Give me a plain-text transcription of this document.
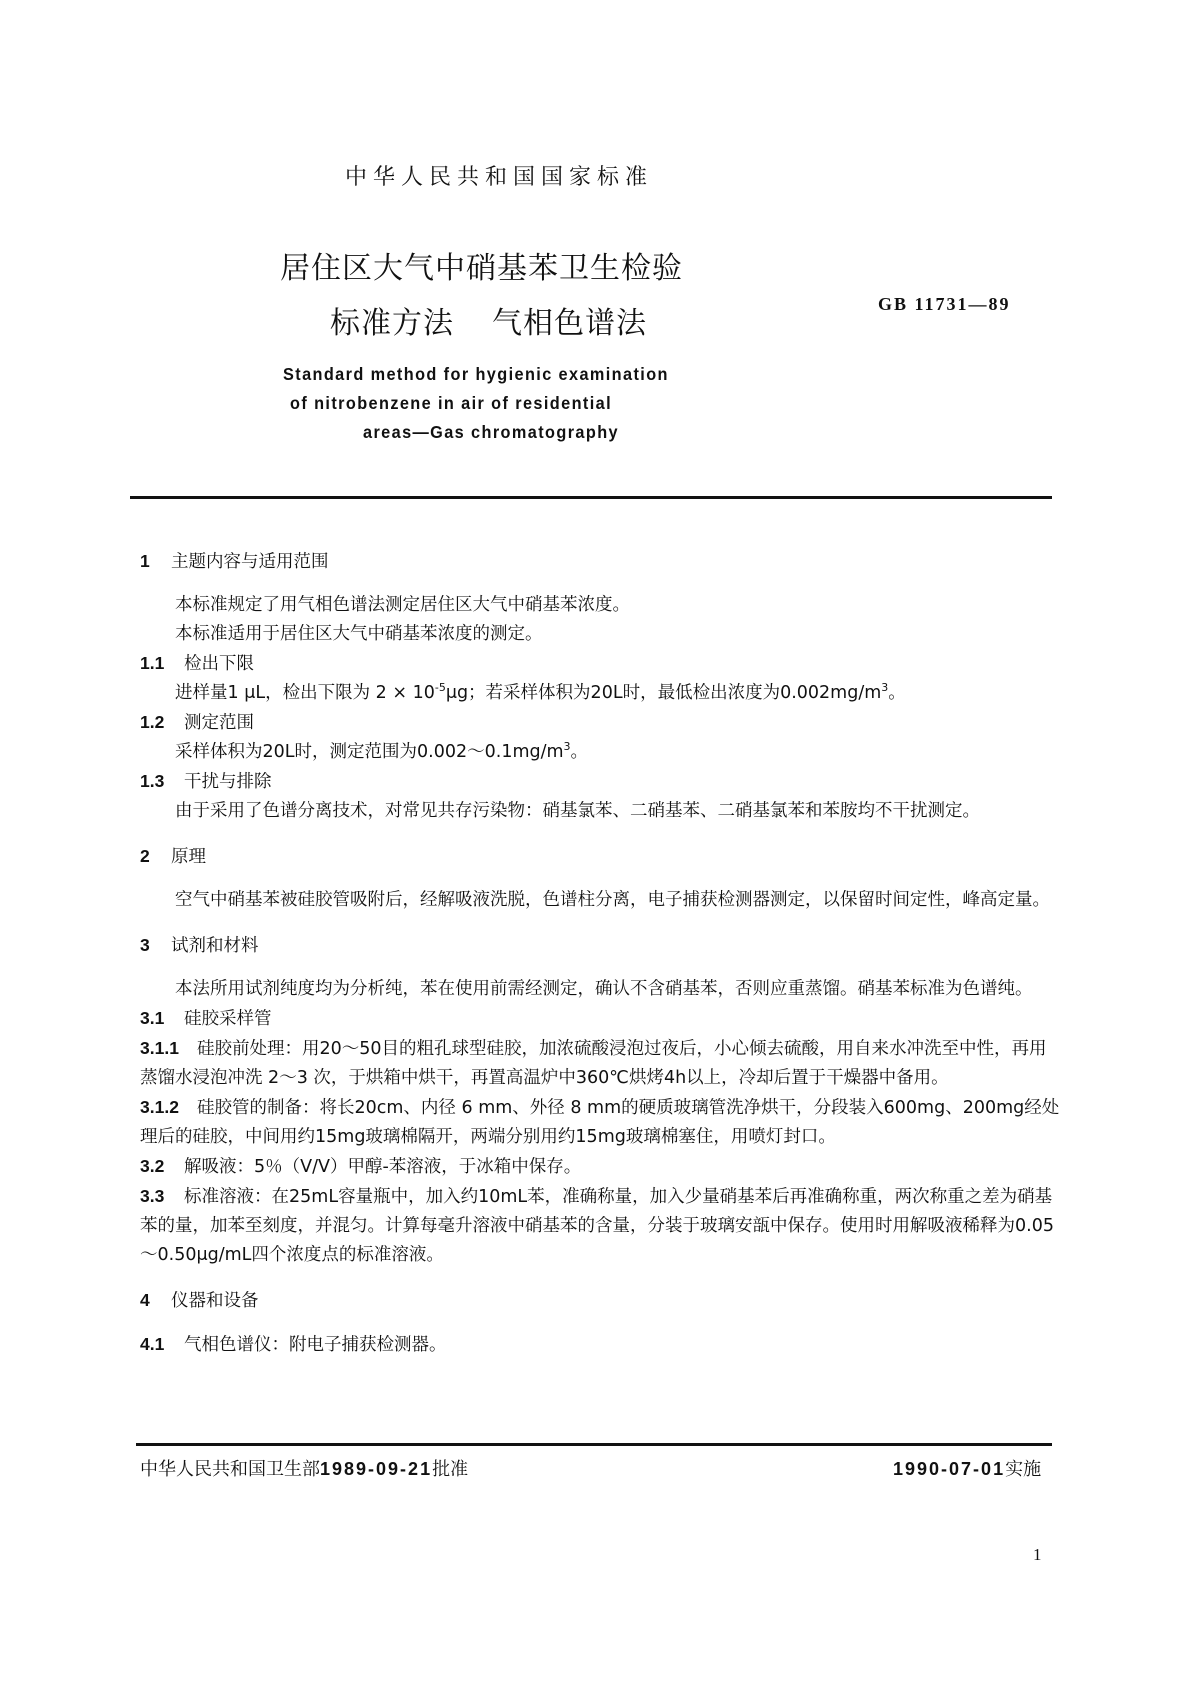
中华人民共和国国家标准
居住区大气中硝基苯卫生检验
标准方法 气相色谱法
GB 11731—89
Standard method for hygienic examination
of nitrobenzene in air of residential
areas—Gas chromatography
1 主题内容与适用范围
本标准规定了用气相色谱法测定居住区大气中硝基苯浓度。
本标准适用于居住区大气中硝基苯浓度的测定。
1.1 检出下限
进样量1 μL，检出下限为 $2 \times 10^{-5}\mu g$；若采样体积为20L时，最低检出浓度为$0.002mg/m^3$。
1.2 测定范围
采样体积为20L时，测定范围为$0.002\sim 0.1mg/m^3$。
1.3 干扰与排除
由于采用了色谱分离技术，对常见共存污染物：硝基氯苯、二硝基苯、二硝基氯苯和苯胺均不干扰测定。
2 原理
空气中硝基苯被硅胶管吸附后，经解吸液洗脱，色谱柱分离，电子捕获检测器测定，以保留时间定性，峰高定量。
3 试剂和材料
本法所用试剂纯度均为分析纯，苯在使用前需经测定，确认不含硝基苯，否则应重蒸馏。硝基苯标准为色谱纯。
3.1 硅胶采样管
3.1.1 硅胶前处理：用20～50目的粗孔球型硅胶，加浓硫酸浸泡过夜后，小心倾去硫酸，用自来水冲洗至中性，再用蒸馏水浸泡冲洗 2～3 次，于烘箱中烘干，再置高温炉中360℃烘烤4h以上，冷却后置于干燥器中备用。
3.1.2 硅胶管的制备：将长20cm、内径 6 mm、外径 8 mm的硬质玻璃管洗净烘干，分段装入600mg、200mg经处理后的硅胶，中间用约15mg玻璃棉隔开，两端分别用约15mg玻璃棉塞住，用喷灯封口。
3.2 解吸液：5％（V/V）甲醇-苯溶液，于冰箱中保存。
3.3 标准溶液：在25mL容量瓶中，加入约10mL苯，准确称量，加入少量硝基苯后再准确称重，两次称重之差为硝基苯的量，加苯至刻度，并混匀。计算每毫升溶液中硝基苯的含量，分装于玻璃安瓿中保存。使用时用解吸液稀释为0.05～0.50μg/mL四个浓度点的标准溶液。
4 仪器和设备
4.1 气相色谱仪：附电子捕获检测器。
中华人民共和国卫生部1989-09-21批准	1990-07-01实施
1
